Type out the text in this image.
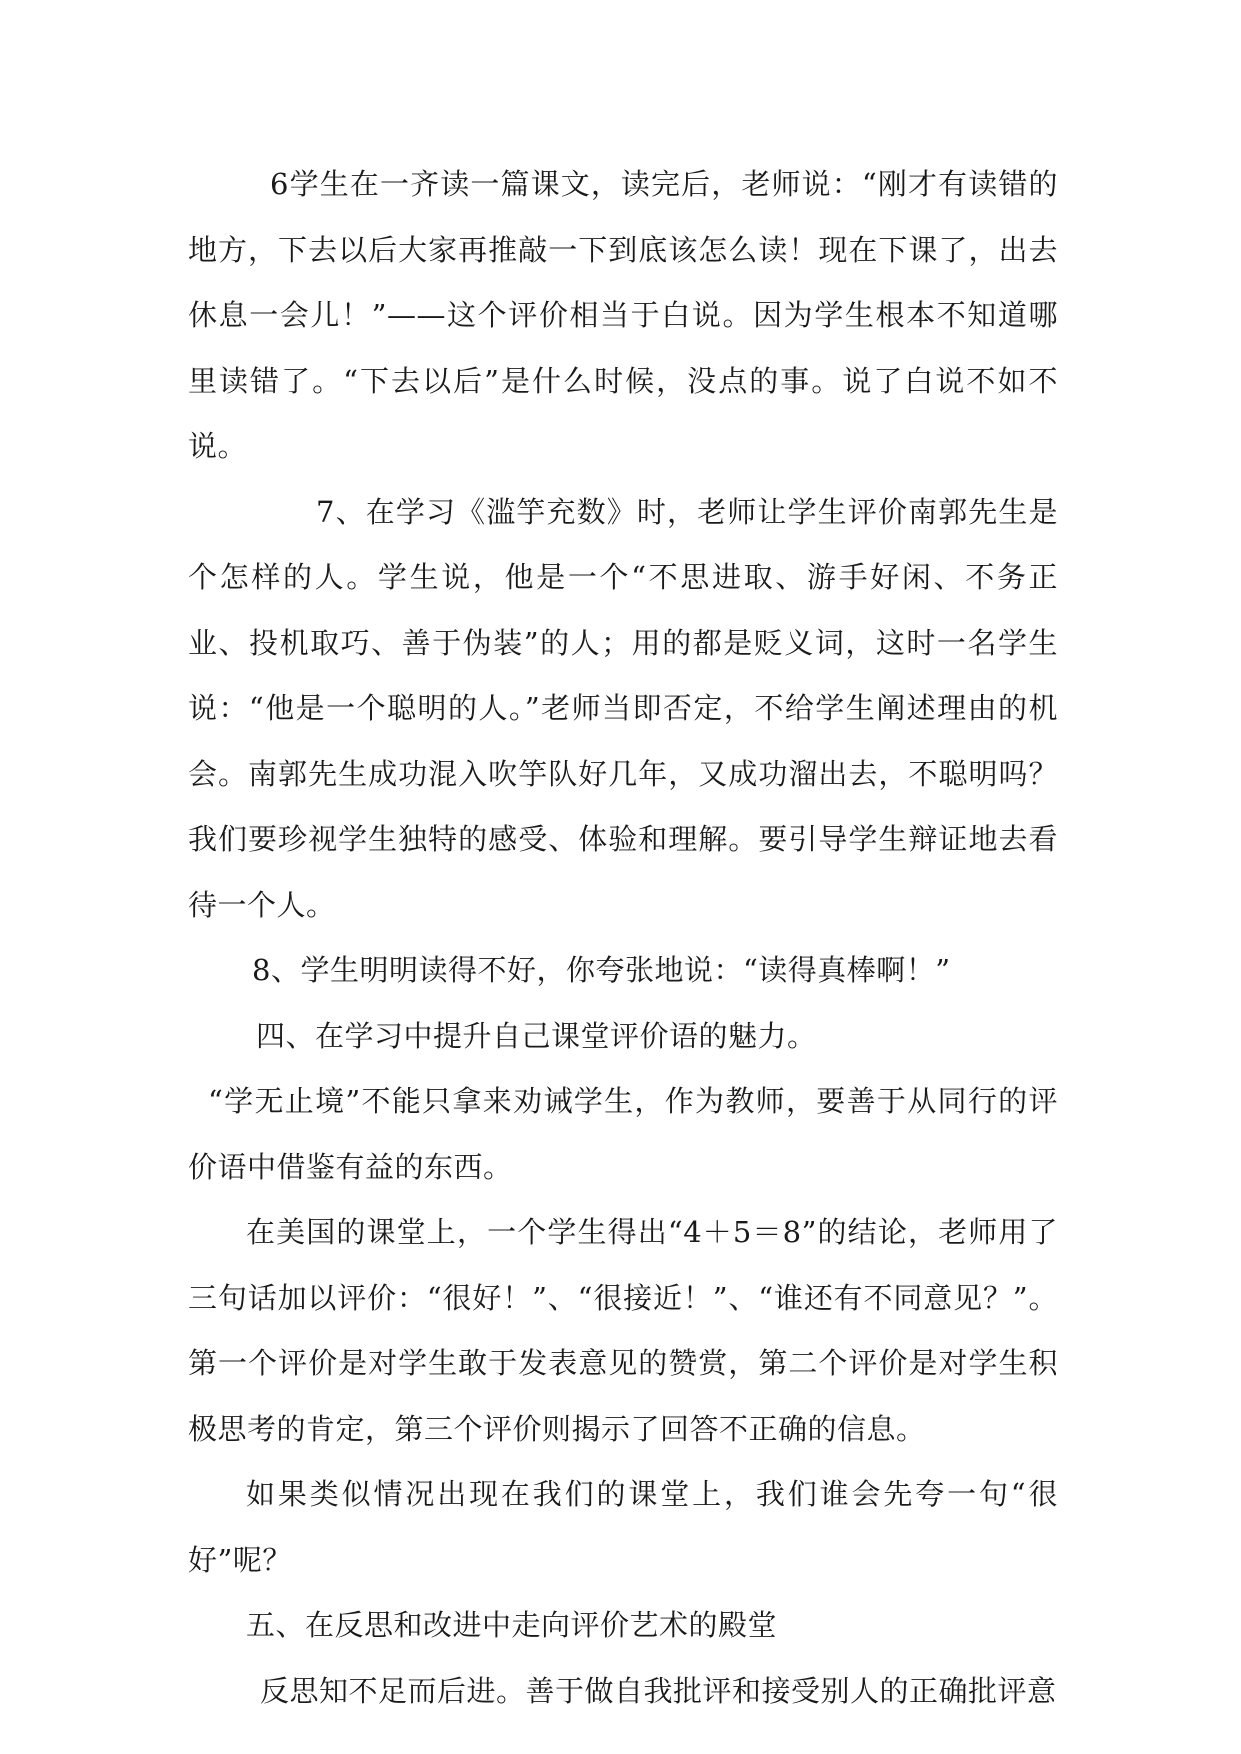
6学生在一齐读一篇课文，读完后，老师说：“刚才有读错的地方，下去以后大家再推敲一下到底该怎么读！现在下课了，出去休息一会儿！”——这个评价相当于白说。因为学生根本不知道哪里读错了。“下去以后”是什么时候，没点的事。说了白说不如不说。

7、在学习《滥竽充数》时，老师让学生评价南郭先生是个怎样的人。学生说，他是一个“不思进取、游手好闲、不务正业、投机取巧、善于伪装”的人；用的都是贬义词，这时一名学生说：“他是一个聪明的人。”老师当即否定，不给学生阐述理由的机会。南郭先生成功混入吹竽队好几年，又成功溜出去，不聪明吗？我们要珍视学生独特的感受、体验和理解。要引导学生辩证地去看待一个人。

8、学生明明读得不好，你夸张地说：“读得真棒啊！”

四、在学习中提升自己课堂评价语的魅力。

“学无止境”不能只拿来劝诫学生，作为教师，要善于从同行的评价语中借鉴有益的东西。

在美国的课堂上，一个学生得出“4＋5＝8”的结论，老师用了三句话加以评价：“很好！”、“很接近！”、“谁还有不同意见？”。第一个评价是对学生敢于发表意见的赞赏，第二个评价是对学生积极思考的肯定，第三个评价则揭示了回答不正确的信息。

如果类似情况出现在我们的课堂上，我们谁会先夸一句“很好”呢？

五、在反思和改进中走向评价艺术的殿堂

反思知不足而后进。善于做自我批评和接受别人的正确批评意
